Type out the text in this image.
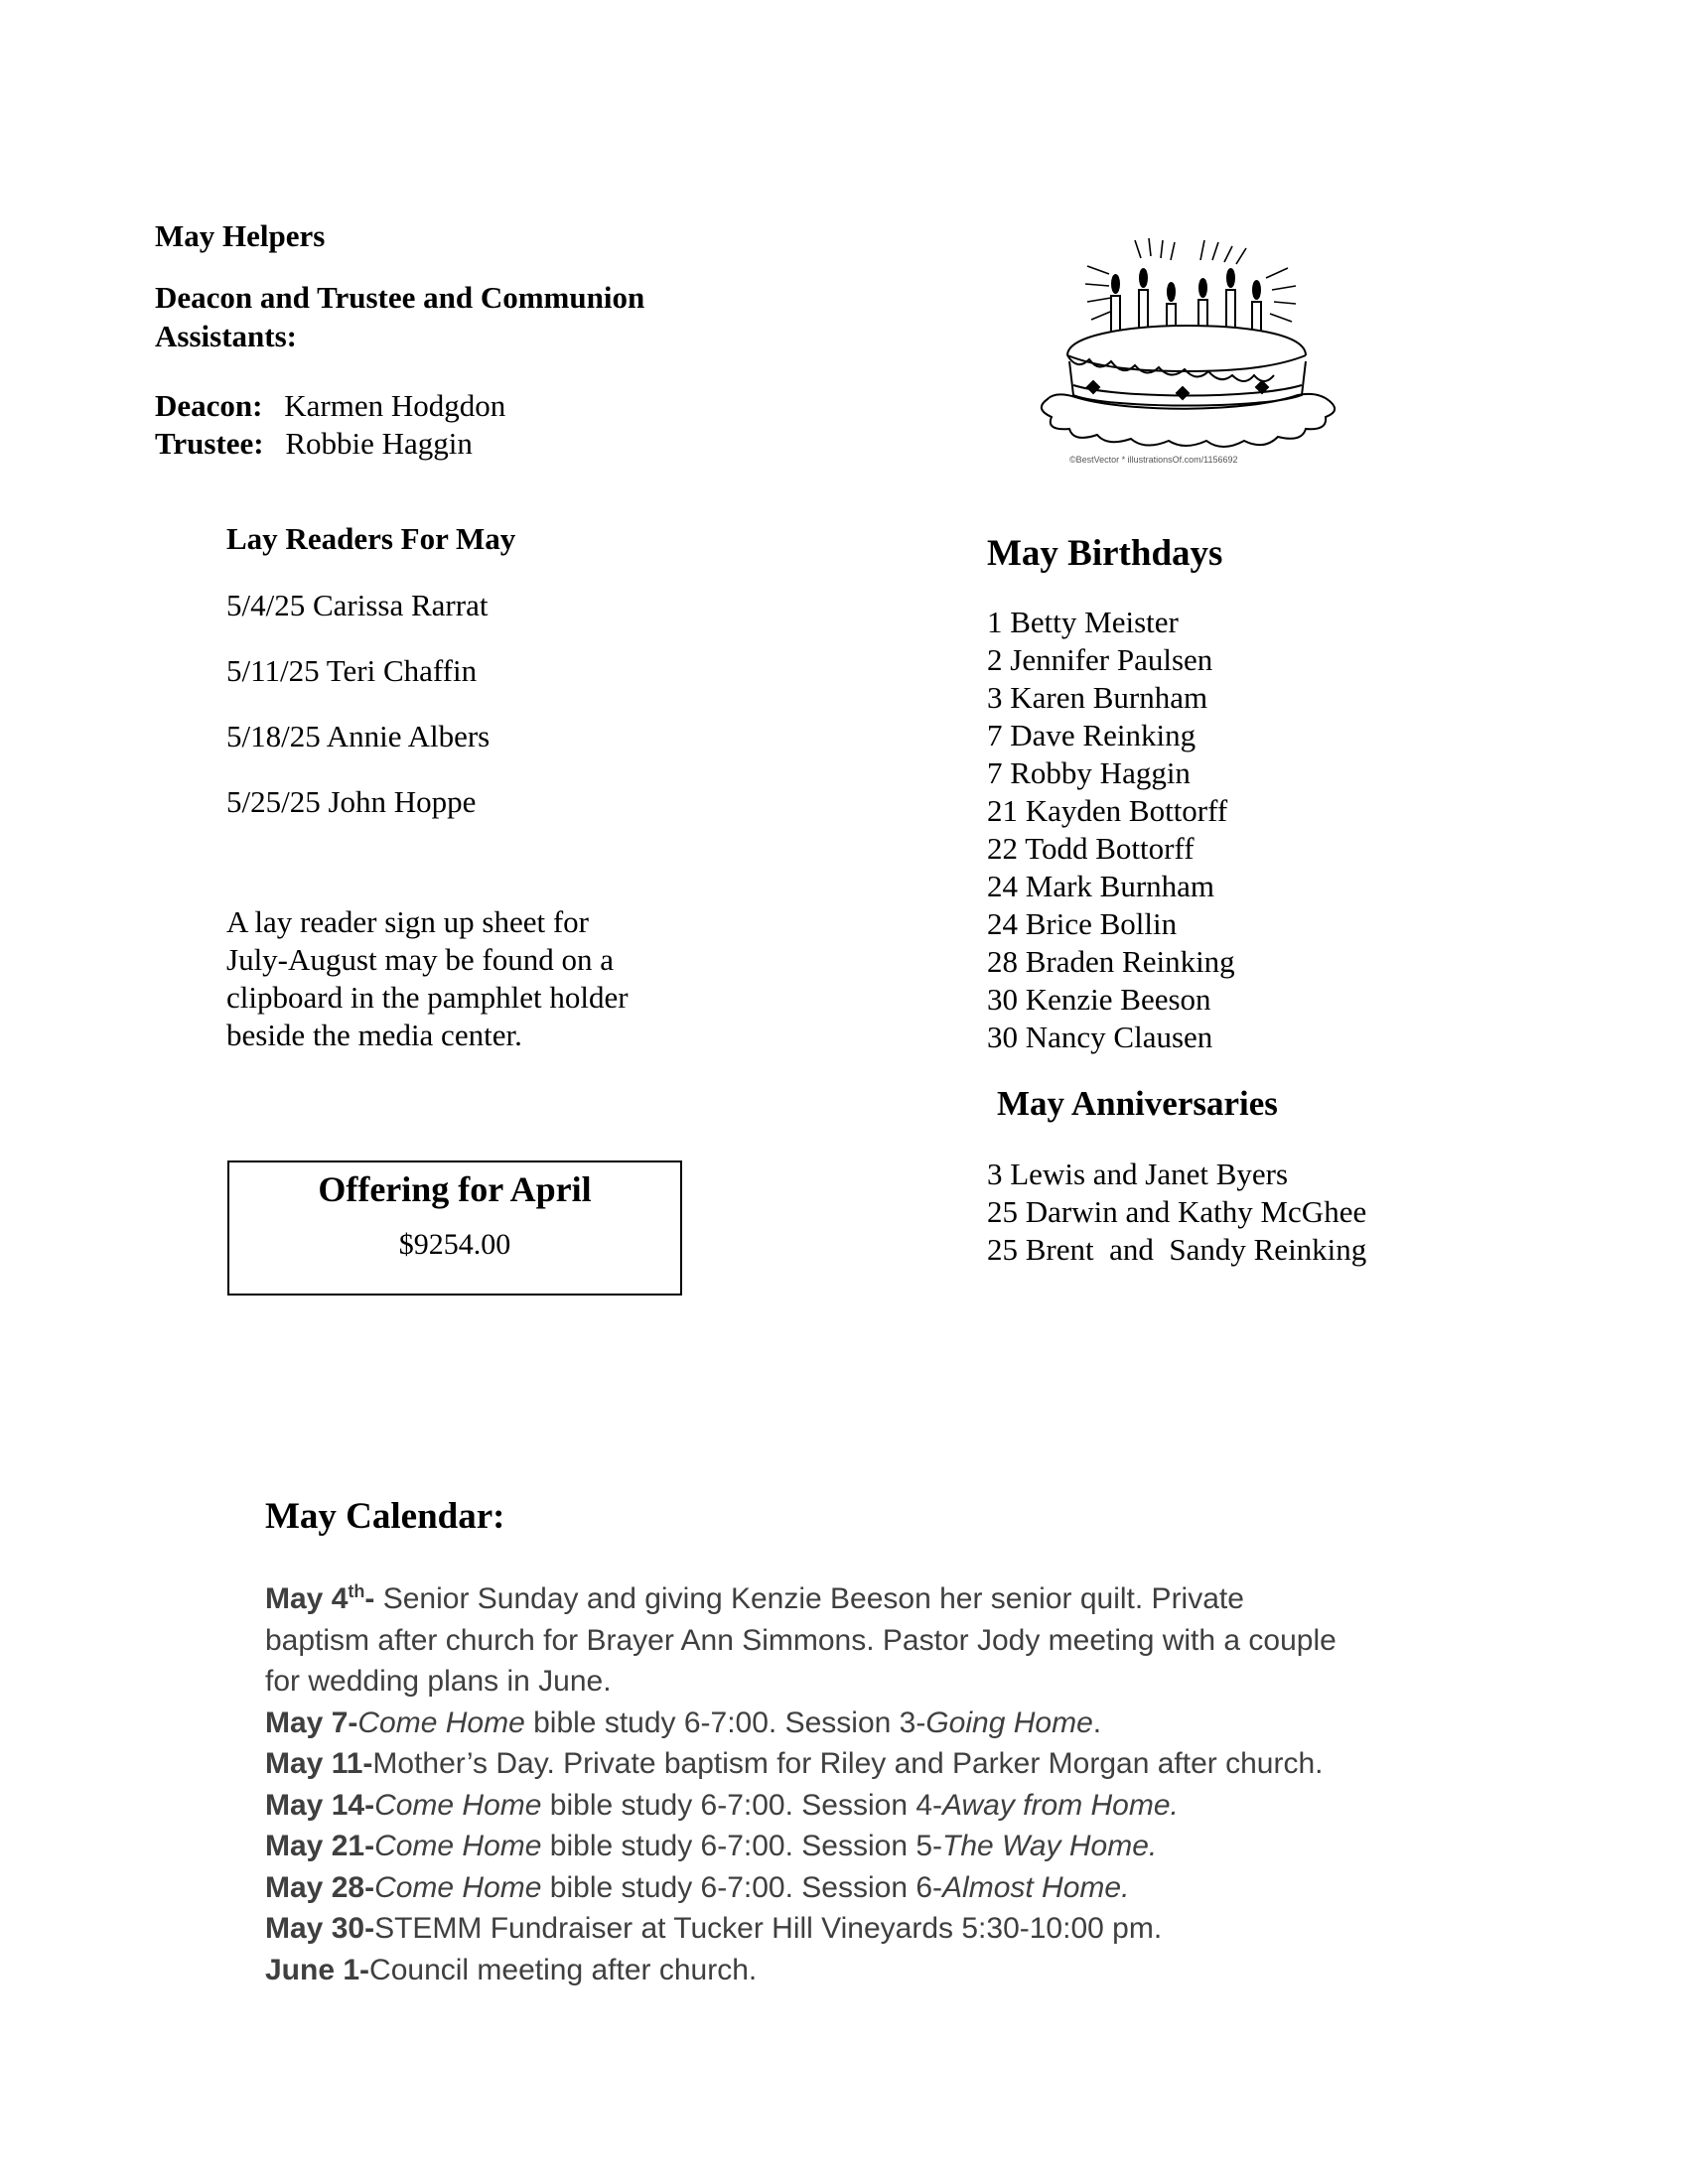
May Helpers
Deacon and Trustee and Communion
Assistants:
Deacon: Karmen Hodgdon
Trustee: Robbie Haggin
Lay Readers For May
5/4/25 Carissa Rarrat
5/11/25 Teri Chaffin
5/18/25 Annie Albers
5/25/25 John Hoppe
A lay reader sign up sheet for
July-August may be found on a
clipboard in the pamphlet holder
beside the media center.
Offering for April
$9254.00
©BestVector * illustrationsOf.com/1156692
May Birthdays
1 Betty Meister
2 Jennifer Paulsen
3 Karen Burnham
7 Dave Reinking
7 Robby Haggin
21 Kayden Bottorff
22 Todd Bottorff
24 Mark Burnham
24 Brice Bollin
28 Braden Reinking
30 Kenzie Beeson
30 Nancy Clausen
May Anniversaries
3 Lewis and Janet Byers
25 Darwin and Kathy McGhee
25 Brent  and  Sandy Reinking
May Calendar:
May 4th- Senior Sunday and giving Kenzie Beeson her senior quilt. Private
baptism after church for Brayer Ann Simmons. Pastor Jody meeting with a couple
for wedding plans in June.
May 7-Come Home bible study 6-7:00. Session 3-Going Home.
May 11-Mother’s Day. Private baptism for Riley and Parker Morgan after church.
May 14-Come Home bible study 6-7:00. Session 4-Away from Home.
May 21-Come Home bible study 6-7:00. Session 5-The Way Home.
May 28-Come Home bible study 6-7:00. Session 6-Almost Home.
May 30-STEMM Fundraiser at Tucker Hill Vineyards 5:30-10:00 pm.
June 1-Council meeting after church.
